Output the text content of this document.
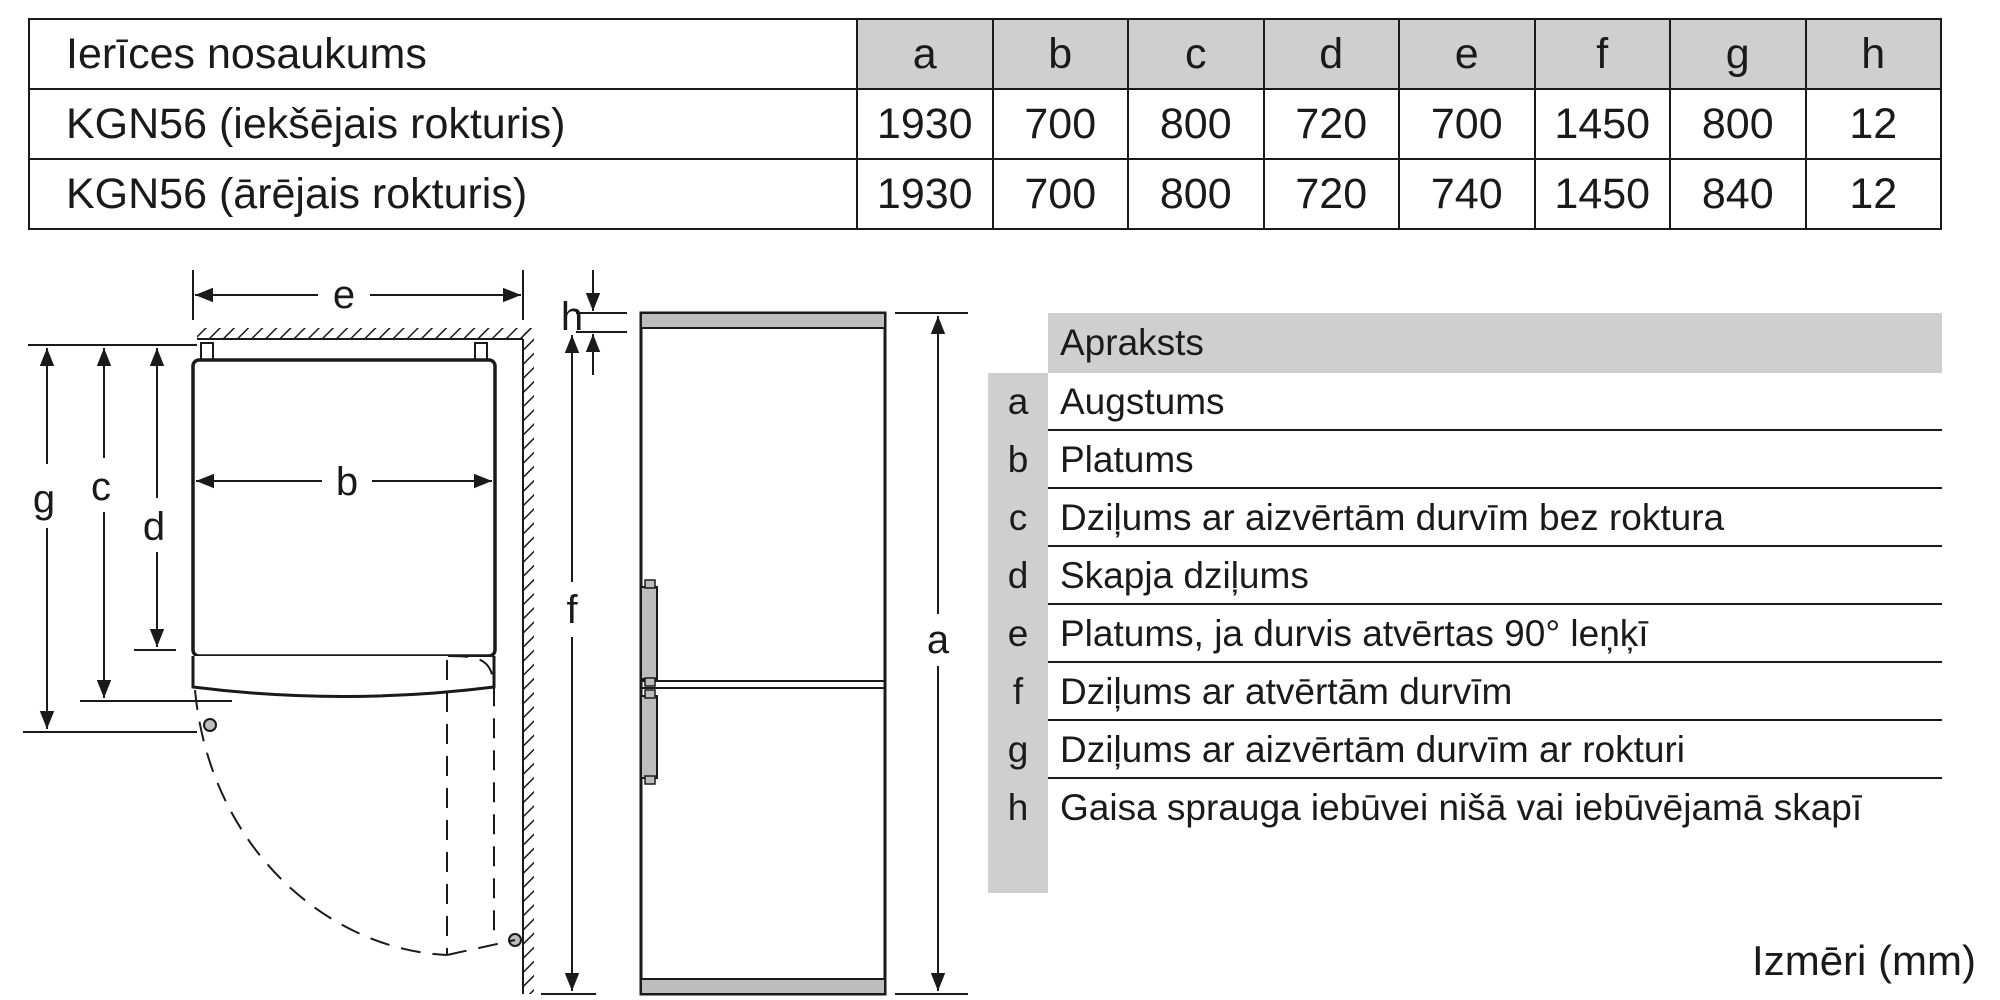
Ierīces nosaukums	a	b	c	d	e	f	g	h
KGN56 (iekšējais rokturis)	1930	700	800	720	700	1450	800	12
KGN56 (ārējais rokturis)	1930	700	800	720	740	1450	840	12
e
b
g c
d
h
f
a
Apraksts
a Augstums
b Platums
c Dziļums ar aizvērtām durvīm bez roktura
d Skapja dziļums
e Platums, ja durvis atvērtas 90° leņķī
f Dziļums ar atvērtām durvīm
g Dziļums ar aizvērtām durvīm ar rokturi
h Gaisa sprauga iebūvei nišā vai iebūvējamā skapī
Izmēri (mm)
